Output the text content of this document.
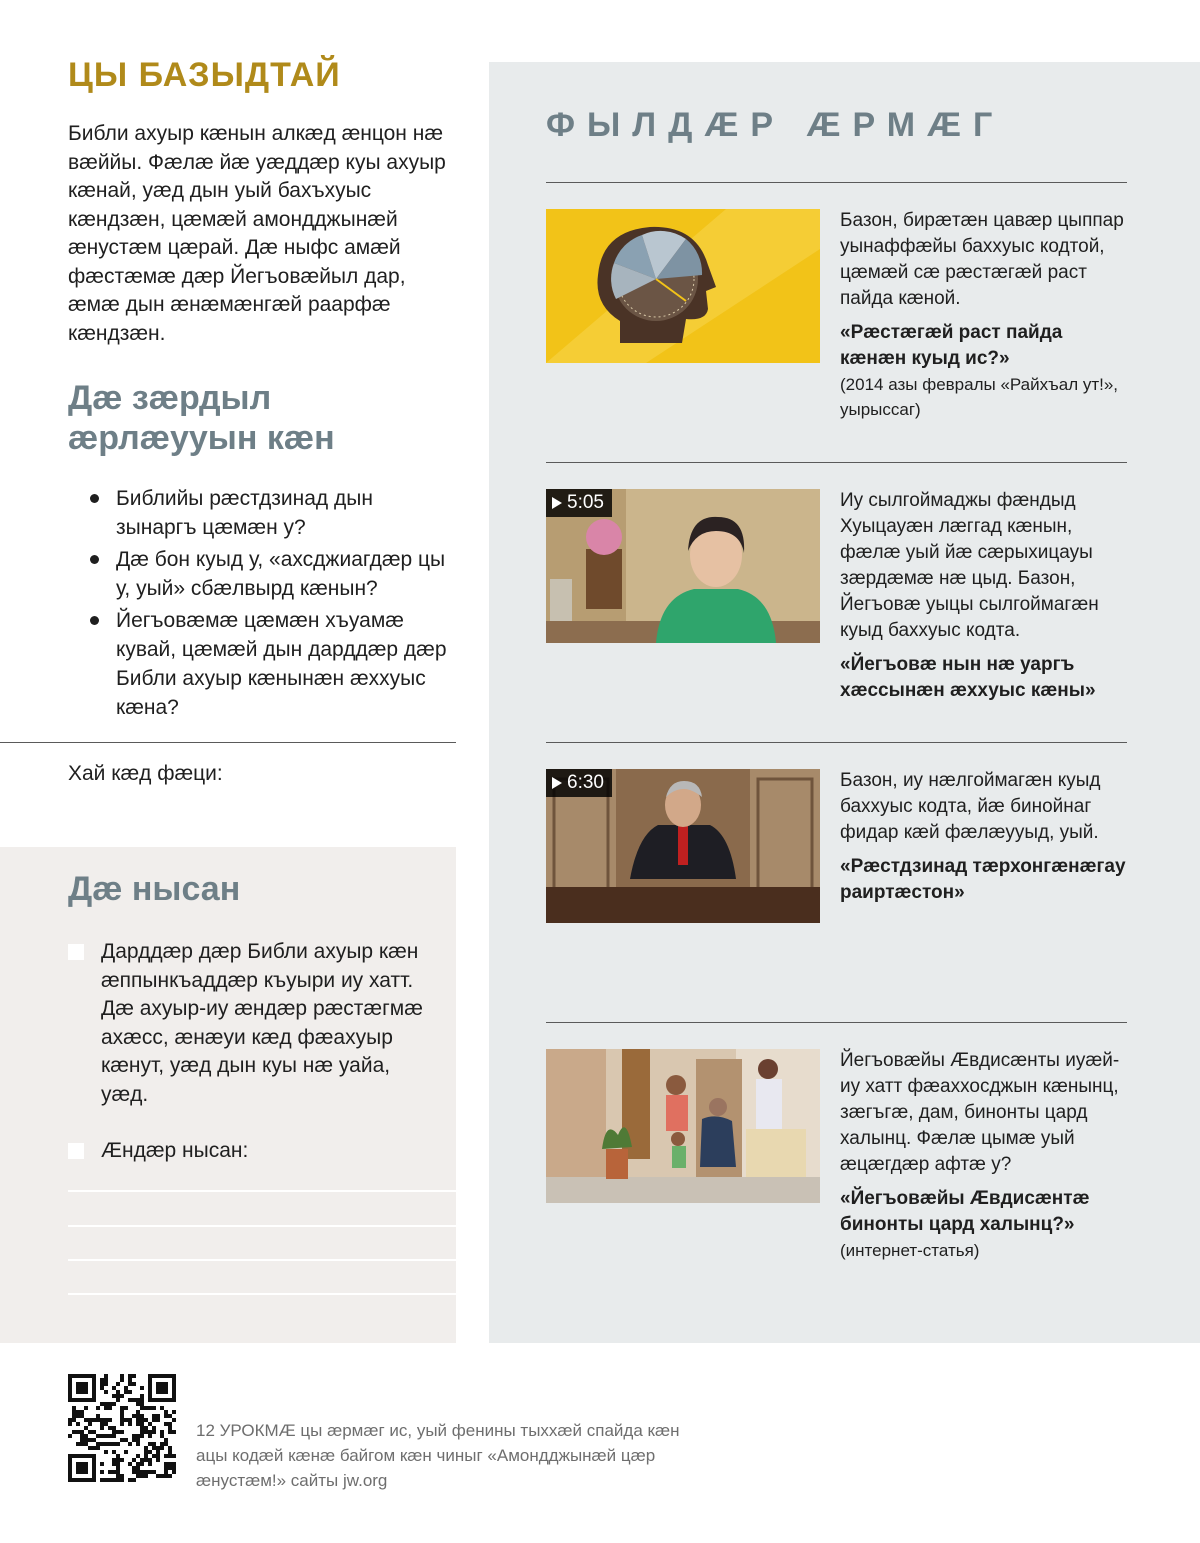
ЦЫ БАЗЫДТАЙ

Библи ахуыр кæнын алкæд æнцон нæ вæййы. Фæлæ йæ уæддæр куы ахуыр кæнай, уæд дын уый бахъхуыс кæндзæн, цæмæй амондджынæй æнустæм цæрай. Дæ ныфс амæй фæстæмæ дæр Йегъовæйыл дар, æмæ дын æнæмæнгæй раарфæ кæндзæн.

Дæ зæрдыл æрлæууын кæн
Библийы рæстдзинад дын зынаргъ цæмæн у?
Дæ бон куыд у, «ахсджиагдæр цы у, уый» сбæлвырд кæнын?
Йегъовæмæ цæмæн хъуамæ кувай, цæмæй дын дарддæр дæр Библи ахуыр кæнынæн æххуыс кæна?
Хай кæд фæци:
Дæ нысан
Дарддæр дæр Библи ахуыр кæн æппынкъаддæр къуыри иу хатт. Дæ ахуыр-иу æндæр рæстæгмæ ахæсс, æнæуи кæд фæахуыр кæнут, уæд дын куы нæ уайа, уæд.
Æндæр нысан:
ФЫЛДÆР ÆРМÆГ

Базон, бирæтæн цавæр цыппар уынаффæйы баххуыс кодтой, цæмæй сæ рæстæгæй раст пайда кæной.

«Рæстæгæй раст пайда кæнæн куыд ис?»

(2014 азы февралы «Райхъал ут!», уырыссаг)

5:05	Иу сылгоймаджы фæндыд Хуыцауæн лæггад кæнын, фæлæ уый йæ сæрыхицауы зæрдæмæ нæ цыд. Базон, Йегъовæ уыцы сылгоймагæн куыд баххуыс кодта.

«Йегъовæ нын нæ уаргъ хæссынæн æххуыс кæны»

6:30	Базон, иу нæлгоймагæн куыд баххуыс кодта, йæ бинойнаг фидар кæй фæлæууыд, уый.

«Рæстдзинад тæрхонгæнæгау раиртæстон»

Йегъовæйы Æвдисæнты иуæй-иу хатт фæаххосджын кæнынц, зæгъгæ, дам, бинонты цард халынц. Фæлæ цымæ уый æцæгдæр афтæ у?

«Йегъовæйы Æвдисæнтæ бинонты цард халынц?»

(интернет-статья)

12 УРОКМÆ цы æрмæг ис, уый фенины тыххæй спайда кæн ацы кодæй кæнæ байгом кæн чиныг «Амондджынæй цæр æнустæм!» сайты jw.org
